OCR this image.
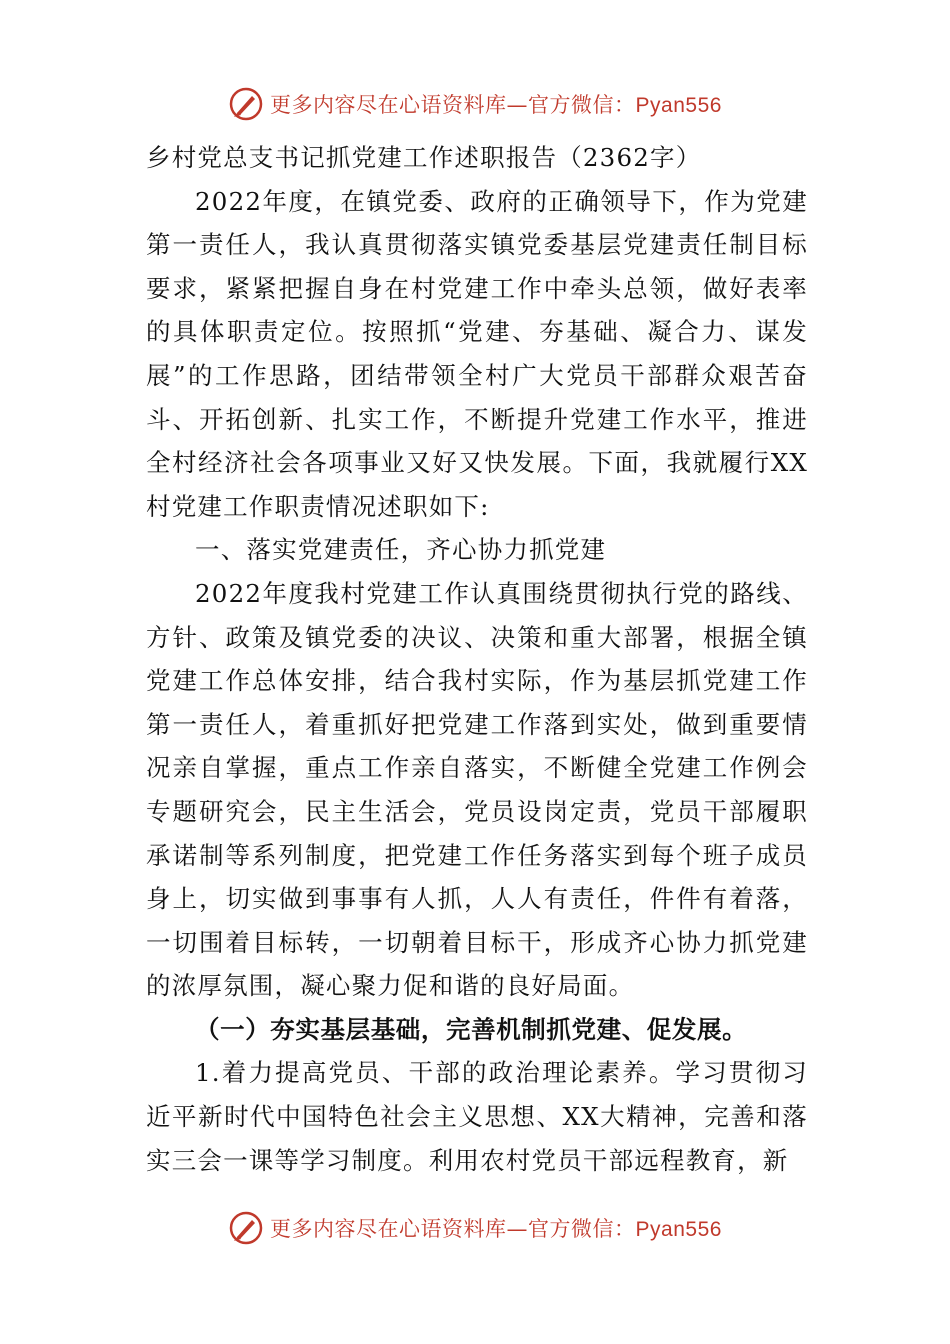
更多内容尽在心语资料库—官方微信：Pyan556

乡村党总支书记抓党建工作述职报告（2362字）

2022年度，在镇党委、政府的正确领导下，作为党建第一责任人，我认真贯彻落实镇党委基层党建责任制目标要求，紧紧把握自身在村党建工作中牵头总领，做好表率的具体职责定位。按照抓“党建、夯基础、凝合力、谋发展”的工作思路，团结带领全村广大党员干部群众艰苦奋斗、开拓创新、扎实工作，不断提升党建工作水平，推进全村经济社会各项事业又好又快发展。下面，我就履行XX村党建工作职责情况述职如下:

一、落实党建责任，齐心协力抓党建

2022年度我村党建工作认真围绕贯彻执行党的路线、方针、政策及镇党委的决议、决策和重大部署，根据全镇党建工作总体安排，结合我村实际，作为基层抓党建工作第一责任人，着重抓好把党建工作落到实处，做到重要情况亲自掌握，重点工作亲自落实，不断健全党建工作例会专题研究会，民主生活会，党员设岗定责，党员干部履职承诺制等系列制度，把党建工作任务落实到每个班子成员身上，切实做到事事有人抓，人人有责任，件件有着落，一切围着目标转，一切朝着目标干，形成齐心协力抓党建的浓厚氛围，凝心聚力促和谐的良好局面。

（一）夯实基层基础，完善机制抓党建、促发展。

1.着力提高党员、干部的政治理论素养。学习贯彻习近平新时代中国特色社会主义思想、XX大精神，完善和落实三会一课等学习制度。利用农村党员干部远程教育，新

更多内容尽在心语资料库—官方微信：Pyan556
